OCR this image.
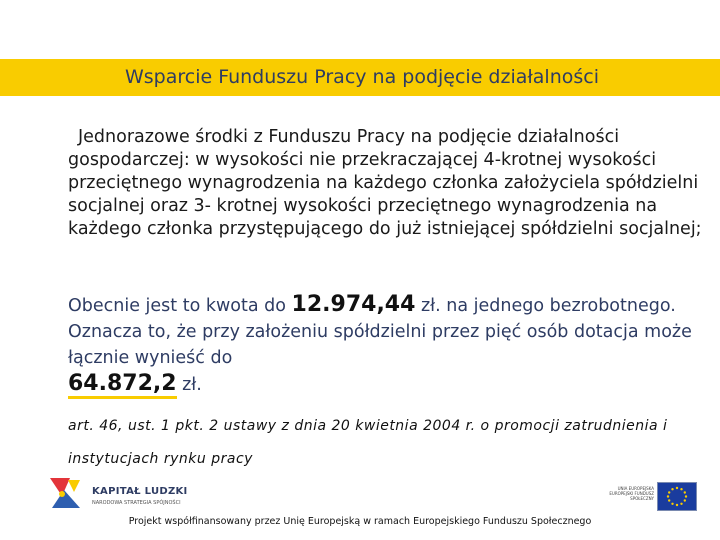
Wsparcie Funduszu Pracy na podjęcie działalności
Jednorazowe środki z Funduszu Pracy na podjęcie działalności gospodarczej: w wysokości nie przekraczającej 4-krotnej wysokości przeciętnego wynagrodzenia na każdego członka założyciela spółdzielni socjalnej oraz 3- krotnej wysokości przeciętnego wynagrodzenia na każdego członka przystępującego do już istniejącej spółdzielni socjalnej;
Obecnie jest to kwota do 12.974,44 zł. na jednego bezrobotnego. Oznacza to, że przy założeniu spółdzielni przez pięć osób dotacja może łącznie wynieść do
64.872,2 zł.
art. 46, ust. 1 pkt. 2 ustawy z dnia 20 kwietnia 2004 r. o promocji zatrudnienia i instytucjach rynku pracy
KAPITAŁ LUDZKI
NARODOWA STRATEGIA SPÓJNOŚCI
UNIA EUROPEJSKA EUROPEJSKI FUNDUSZ SPOŁECZNY
Projekt współfinansowany przez Unię Europejską w ramach Europejskiego Funduszu Społecznego
